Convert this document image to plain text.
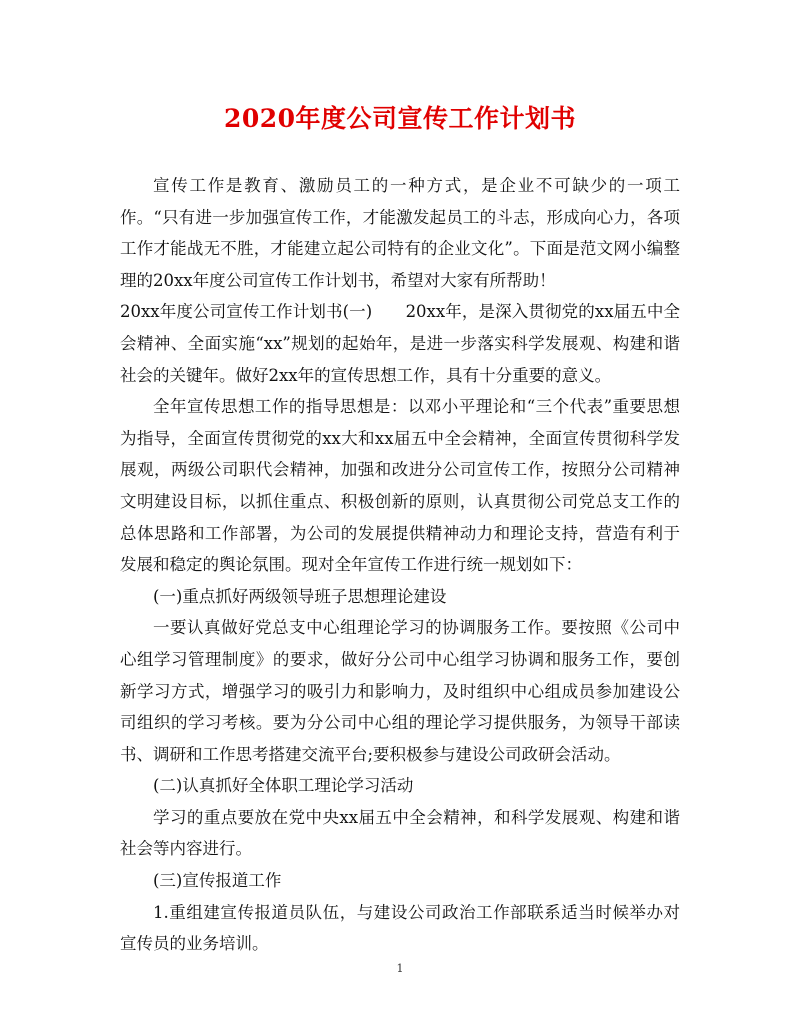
2020年度公司宣传工作计划书

宣传工作是教育、激励员工的一种方式，是企业不可缺少的一项工作。“只有进一步加强宣传工作，才能激发起员工的斗志，形成向心力，各项工作才能战无不胜，才能建立起公司特有的企业文化”。下面是范文网小编整理的20xx年度公司宣传工作计划书，希望对大家有所帮助！

20xx年度公司宣传工作计划书(一)　　20xx年，是深入贯彻党的xx届五中全会精神、全面实施“xx”规划的起始年，是进一步落实科学发展观、构建和谐社会的关键年。做好2xx年的宣传思想工作，具有十分重要的意义。

全年宣传思想工作的指导思想是：以邓小平理论和“三个代表”重要思想为指导，全面宣传贯彻党的xx大和xx届五中全会精神，全面宣传贯彻科学发展观，两级公司职代会精神，加强和改进分公司宣传工作，按照分公司精神文明建设目标，以抓住重点、积极创新的原则，认真贯彻公司党总支工作的总体思路和工作部署，为公司的发展提供精神动力和理论支持，营造有利于发展和稳定的舆论氛围。现对全年宣传工作进行统一规划如下：

(一)重点抓好两级领导班子思想理论建设

一要认真做好党总支中心组理论学习的协调服务工作。要按照《公司中心组学习管理制度》的要求，做好分公司中心组学习协调和服务工作，要创新学习方式，增强学习的吸引力和影响力，及时组织中心组成员参加建设公司组织的学习考核。要为分公司中心组的理论学习提供服务，为领导干部读书、调研和工作思考搭建交流平台;要积极参与建设公司政研会活动。

(二)认真抓好全体职工理论学习活动

学习的重点要放在党中央xx届五中全会精神，和科学发展观、构建和谐社会等内容进行。

(三)宣传报道工作

1.重组建宣传报道员队伍，与建设公司政治工作部联系适当时候举办对宣传员的业务培训。

1
